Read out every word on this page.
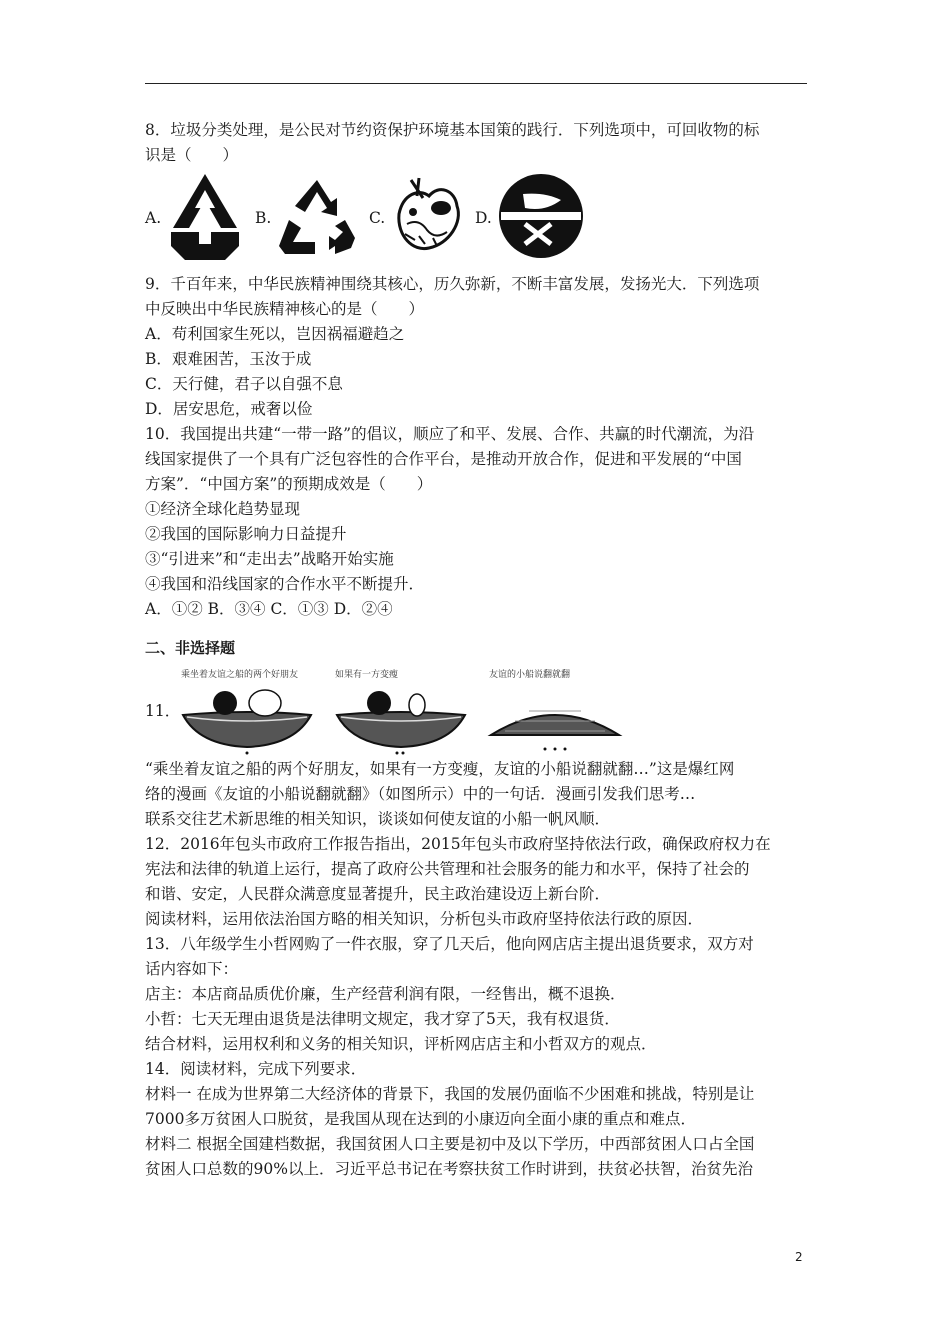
8．垃圾分类处理，是公民对节约资保护环境基本国策的践行．下列选项中，可回收物的标
识是（　　）
A.	B.	C.	D.
9．千百年来，中华民族精神围绕其核心，历久弥新，不断丰富发展，发扬光大．下列选项
中反映出中华民族精神核心的是（　　）
A．苟利国家生死以，岂因祸福避趋之
B．艰难困苦，玉汝于成
C．天行健，君子以自强不息
D．居安思危，戒奢以俭
10．我国提出共建“一带一路”的倡议，顺应了和平、发展、合作、共赢的时代潮流，为沿
线国家提供了一个具有广泛包容性的合作平台，是推动开放合作，促进和平发展的“中国
方案”．“中国方案”的预期成效是（　　）
①经济全球化趋势显现
②我国的国际影响力日益提升
③“引进来”和“走出去”战略开始实施
④我国和沿线国家的合作水平不断提升．
A．①② B．③④ C．①③ D．②④
二、非选择题
11．
乘坐着友谊之船的两个好朋友	如果有一方变瘦	友谊的小船说翻就翻
“乘坐着友谊之船的两个好朋友，如果有一方变瘦，友谊的小船说翻就翻…”这是爆红网
络的漫画《友谊的小船说翻就翻》（如图所示）中的一句话．漫画引发我们思考…
联系交往艺术新思维的相关知识，谈谈如何使友谊的小船一帆风顺．
12．2016年包头市政府工作报告指出，2015年包头市政府坚持依法行政，确保政府权力在
宪法和法律的轨道上运行，提高了政府公共管理和社会服务的能力和水平，保持了社会的
和谐、安定，人民群众满意度显著提升，民主政治建设迈上新台阶．
阅读材料，运用依法治国方略的相关知识，分析包头市政府坚持依法行政的原因．
13．八年级学生小哲网购了一件衣服，穿了几天后，他向网店店主提出退货要求，双方对
话内容如下：
店主：本店商品质优价廉，生产经营利润有限，一经售出，概不退换．
小哲：七天无理由退货是法律明文规定，我才穿了5天，我有权退货．
结合材料，运用权利和义务的相关知识，评析网店店主和小哲双方的观点．
14．阅读材料，完成下列要求．
材料一 在成为世界第二大经济体的背景下，我国的发展仍面临不少困难和挑战，特别是让
7000多万贫困人口脱贫，是我国从现在达到的小康迈向全面小康的重点和难点．
材料二 根据全国建档数据，我国贫困人口主要是初中及以下学历，中西部贫困人口占全国
贫困人口总数的90%以上．习近平总书记在考察扶贫工作时讲到，扶贫必扶智，治贫先治
2
